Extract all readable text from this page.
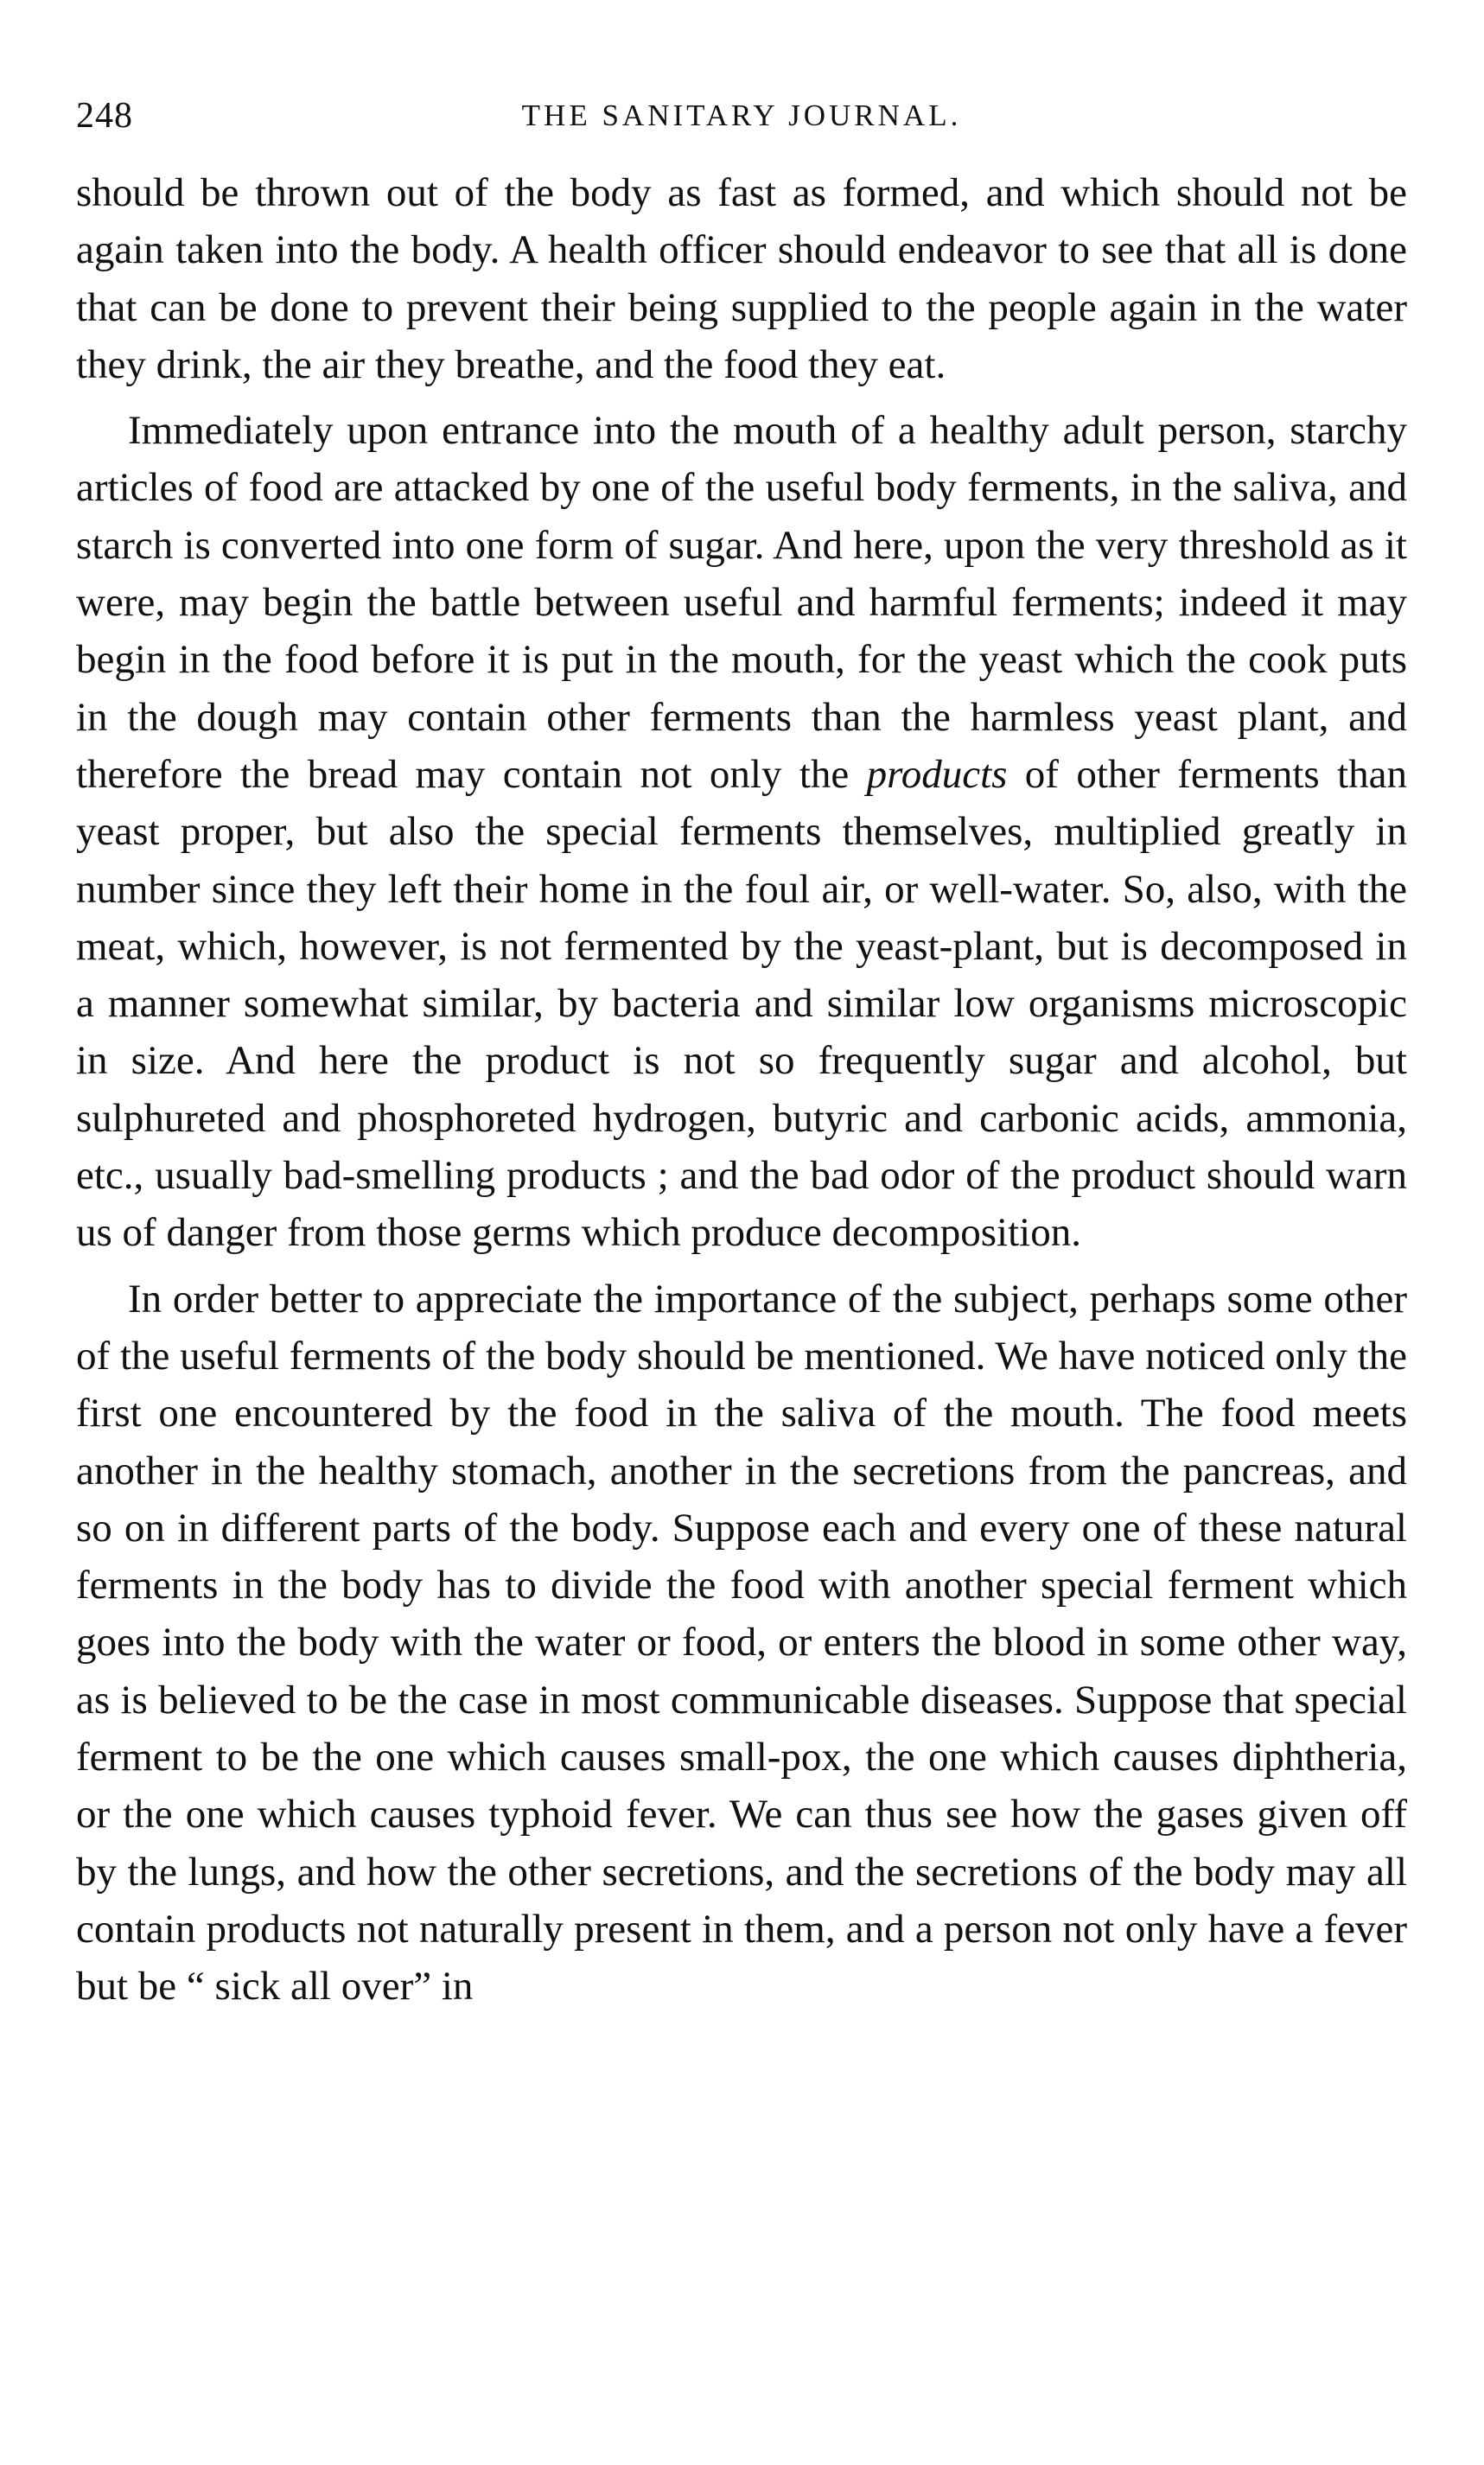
248	THE SANITARY JOURNAL.

should be thrown out of the body as fast as formed, and which should not be again taken into the body. A health officer should endeavor to see that all is done that can be done to prevent their being supplied to the people again in the water they drink, the air they breathe, and the food they eat.

Immediately upon entrance into the mouth of a healthy adult person, starchy articles of food are attacked by one of the useful body ferments, in the saliva, and starch is converted into one form of sugar. And here, upon the very threshold as it were, may begin the battle between useful and harmful ferments; indeed it may begin in the food before it is put in the mouth, for the yeast which the cook puts in the dough may contain other ferments than the harmless yeast plant, and therefore the bread may contain not only the products of other ferments than yeast proper, but also the special ferments themselves, multiplied greatly in number since they left their home in the foul air, or well-water. So, also, with the meat, which, however, is not fermented by the yeast-plant, but is decomposed in a manner somewhat similar, by bacteria and similar low organisms microscopic in size. And here the product is not so frequently sugar and alcohol, but sulphureted and phosphoreted hydrogen, butyric and carbonic acids, ammonia, etc., usually bad-smelling products ; and the bad odor of the product should warn us of danger from those germs which produce decomposition.

In order better to appreciate the importance of the subject, perhaps some other of the useful ferments of the body should be mentioned. We have noticed only the first one encountered by the food in the saliva of the mouth. The food meets another in the healthy stomach, another in the secretions from the pancreas, and so on in different parts of the body. Suppose each and every one of these natural ferments in the body has to divide the food with another special ferment which goes into the body with the water or food, or enters the blood in some other way, as is believed to be the case in most communicable diseases. Suppose that special ferment to be the one which causes small-pox, the one which causes diphtheria, or the one which causes typhoid fever. We can thus see how the gases given off by the lungs, and how the other secretions, and the secretions of the body may all contain products not naturally present in them, and a person not only have a fever but be “ sick all over” in
